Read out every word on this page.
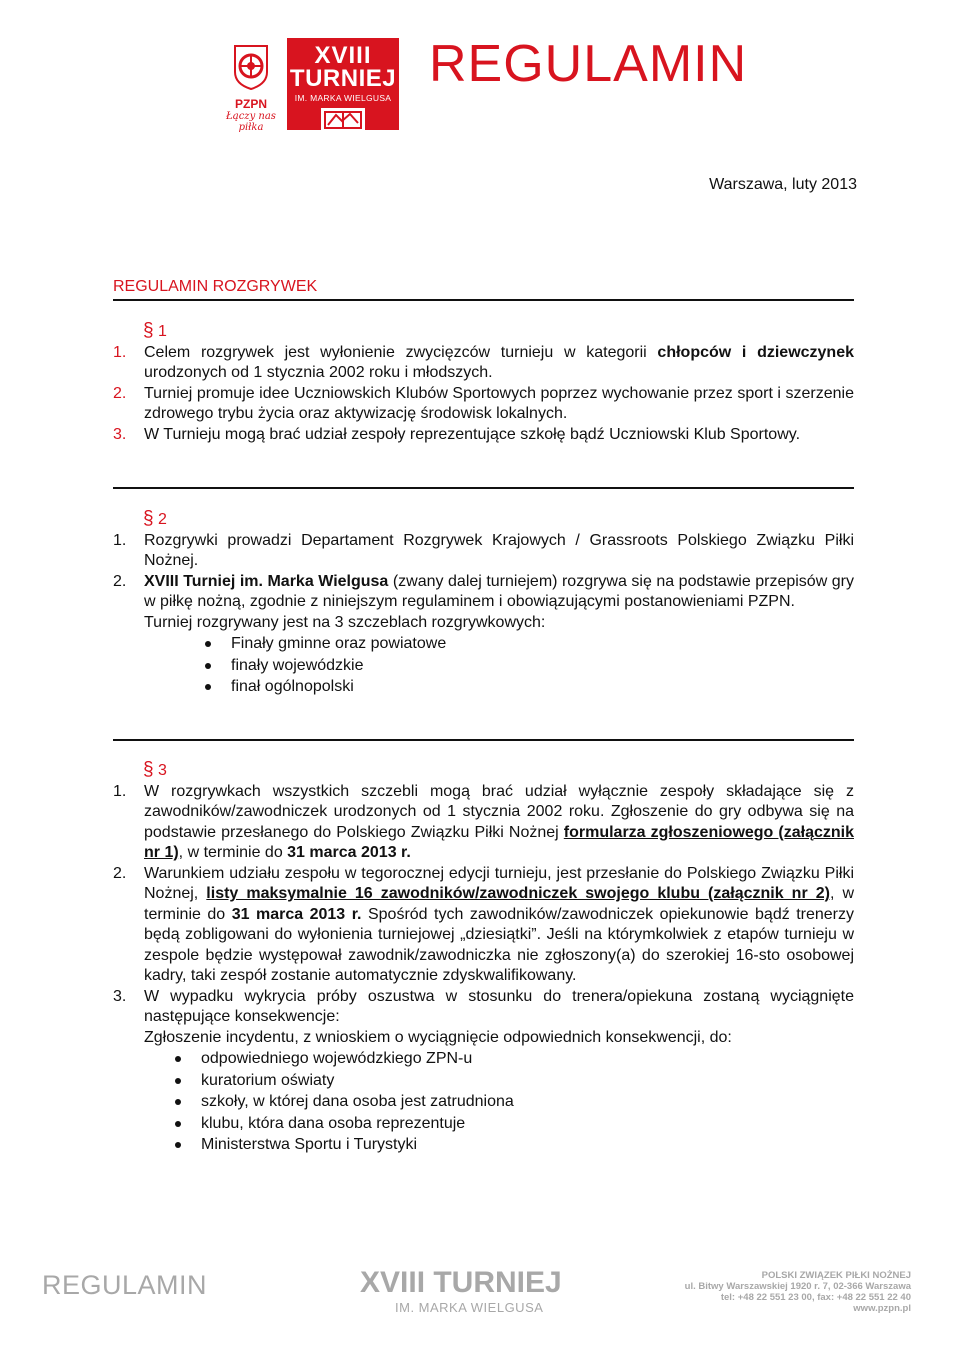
PZPN
Łączy nas piłka
XVIII
TURNIEJ
IM. MARKA WIELGUSA
REGULAMIN
Warszawa, luty 2013
REGULAMIN ROZGRYWEK
§ 1

1. Celem rozgrywek jest wyłonienie zwycięzców turnieju w kategorii chłopców i dziewczynek urodzonych od 1 stycznia 2002 roku i młodszych.

2. Turniej promuje idee Uczniowskich Klubów Sportowych poprzez wychowanie przez sport i szerzenie zdrowego trybu życia oraz aktywizację środowisk lokalnych.

3. W Turnieju mogą brać udział zespoły reprezentujące szkołę bądź Uczniowski Klub Sportowy.

§ 2

1. Rozgrywki prowadzi Departament Rozgrywek Krajowych / Grassroots Polskiego Związku Piłki Nożnej.

2. XVIII Turniej im. Marka Wielgusa (zwany dalej turniejem) rozgrywa się na podstawie przepisów gry w piłkę nożną, zgodnie z niniejszym regulaminem i obowiązującymi postanowieniami PZPN.

Turniej rozgrywany jest na 3 szczeblach rozgrywkowych:

Finały gminne oraz powiatowe
finały wojewódzkie
finał ogólnopolski
§ 3

1. W rozgrywkach wszystkich szczebli mogą brać udział wyłącznie zespoły składające się z zawodników/zawodniczek urodzonych od 1 stycznia 2002 roku. Zgłoszenie do gry odbywa się na podstawie przesłanego do Polskiego Związku Piłki Nożnej formularza zgłoszeniowego (załącznik nr 1), w terminie do 31 marca 2013 r.

2. Warunkiem udziału zespołu w tegorocznej edycji turnieju, jest przesłanie do Polskiego Związku Piłki Nożnej, listy maksymalnie 16 zawodników/zawodniczek swojego klubu (załącznik nr 2), w terminie do 31 marca 2013 r. Spośród tych zawodników/zawodniczek opiekunowie bądź trenerzy będą zobligowani do wyłonienia turniejowej „dziesiątki”. Jeśli na którymkolwiek z etapów turnieju w zespole będzie występował zawodnik/zawodniczka nie zgłoszony(a) do szerokiej 16-sto osobowej kadry, taki zespół zostanie automatycznie zdyskwalifikowany.

3. W wypadku wykrycia próby oszustwa w stosunku do trenera/opiekuna zostaną wyciągnięte następujące konsekwencje:

Zgłoszenie incydentu, z wnioskiem o wyciągnięcie odpowiednich konsekwencji, do:

odpowiedniego wojewódzkiego ZPN-u
kuratorium oświaty
szkoły, w której dana osoba jest zatrudniona
klubu, która dana osoba reprezentuje
Ministerstwa Sportu i Turystyki
REGULAMIN	XVIII TURNIEJ
IM. MARKA WIELGUSA
POLSKI ZWIĄZEK PIŁKI NOŻNEJ
ul. Bitwy Warszawskiej 1920 r. 7, 02-366 Warszawa
tel: +48 22 551 23 00, fax: +48 22 551 22 40
www.pzpn.pl
